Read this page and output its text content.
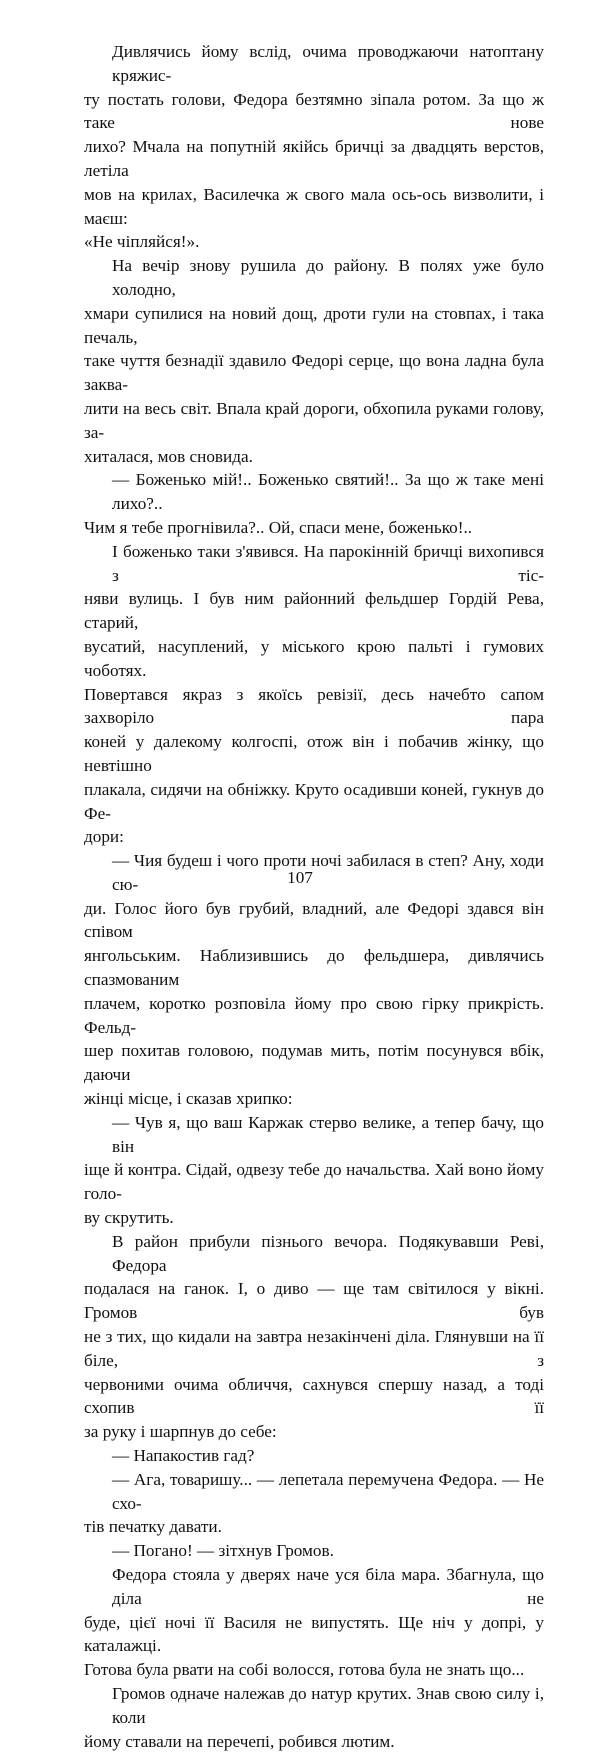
Дивлячись йому вслід, очима проводжаючи натоптану кряжис-
ту постать голови, Федора безтямно зіпала ротом. За що ж таке нове
лихо? Мчала на попутній якійсь бричці за двадцять верстов, летіла
мов на крилах, Василечка ж свого мала ось-ось визволити, і маєш:
«Не чіпляйся!».
На вечір знову рушила до району. В полях уже було холодно,
хмари супилися на новий дощ, дроти гули на стовпах, і така печаль,
таке чуття безнадії здавило Федорі серце, що вона ладна була заква-
лити на весь світ. Впала край дороги, обхопила руками голову, за-
хиталася, мов сновида.
— Боженько мій!.. Боженько святий!.. За що ж таке мені лихо?..
Чим я тебе прогнівила?.. Ой, спаси мене, боженько!..
І боженько таки з'явився. На парокінній бричці вихопився з тіс-
няви вулиць. І був ним районний фельдшер Гордій Рева, старий,
вусатий, насуплений, у міського крою пальті і гумових чоботях.
Повертався якраз з якоїсь ревізії, десь начебто сапом захворіло пара
коней у далекому колгоспі, отож він і побачив жінку, що невтішно
плакала, сидячи на обніжку. Круто осадивши коней, гукнув до Фе-
дори:
— Чия будеш і чого проти ночі забилася в степ? Ану, ходи сю-
ди. Голос його був грубий, владний, але Федорі здався він співом
янгольським. Наблизившись до фельдшера, дивлячись спазмованим
плачем, коротко розповіла йому про свою гірку прикрість. Фельд-
шер похитав головою, подумав мить, потім посунувся вбік, даючи
жінці місце, і сказав хрипко:
— Чув я, що ваш Каржак стерво велике, а тепер бачу, що він
іще й контра. Сідай, одвезу тебе до начальства. Хай воно йому голо-
ву скрутить.
В район прибули пізнього вечора. Подякувавши Реві, Федора
подалася на ганок. І, о диво — ще там світилося у вікні. Громов був
не з тих, що кидали на завтра незакінчені діла. Глянувши на її біле, з
червоними очима обличчя, сахнувся спершу назад, а тоді схопив її
за руку і шарпнув до себе:
— Напакостив гад?
— Ага, товаришу... — лепетала перемучена Федора. — Не схо-
тів печатку давати.
— Погано! — зітхнув Громов.
Федора стояла у дверях наче уся біла мара. Збагнула, що діла не
буде, цієї ночі її Василя не випустять. Ще ніч у допрі, у каталажці.
Готова була рвати на собі волосся, готова була не знать що...
Громов одначе належав до натур крутих. Знав свою силу і, коли
йому ставали на перечепі, робився лютим.
107
